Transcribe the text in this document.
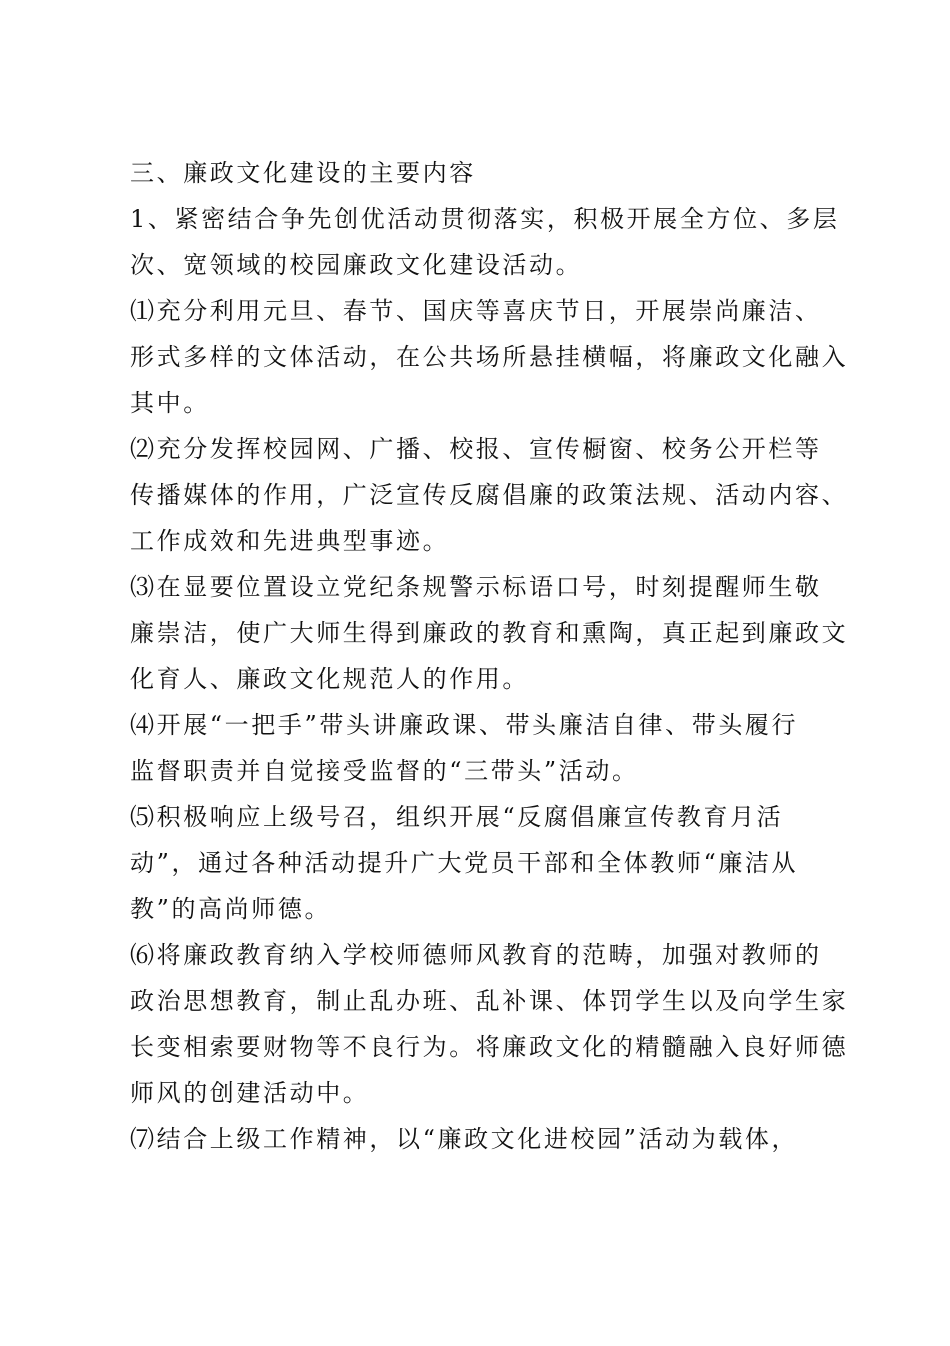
三、廉政文化建设的主要内容
1、紧密结合争先创优活动贯彻落实，积极开展全方位、多层
次、宽领域的校园廉政文化建设活动。
⑴充分利用元旦、春节、国庆等喜庆节日，开展崇尚廉洁、
形式多样的文体活动，在公共场所悬挂横幅，将廉政文化融入
其中。
⑵充分发挥校园网、广播、校报、宣传橱窗、校务公开栏等
传播媒体的作用，广泛宣传反腐倡廉的政策法规、活动内容、
工作成效和先进典型事迹。
⑶在显要位置设立党纪条规警示标语口号，时刻提醒师生敬
廉崇洁，使广大师生得到廉政的教育和熏陶，真正起到廉政文
化育人、廉政文化规范人的作用。
⑷开展“一把手”带头讲廉政课、带头廉洁自律、带头履行
监督职责并自觉接受监督的“三带头”活动。
⑸积极响应上级号召，组织开展“反腐倡廉宣传教育月活
动”，通过各种活动提升广大党员干部和全体教师“廉洁从
教”的高尚师德。
⑹将廉政教育纳入学校师德师风教育的范畴，加强对教师的
政治思想教育，制止乱办班、乱补课、体罚学生以及向学生家
长变相索要财物等不良行为。将廉政文化的精髓融入良好师德
师风的创建活动中。
⑺结合上级工作精神，以“廉政文化进校园”活动为载体，
